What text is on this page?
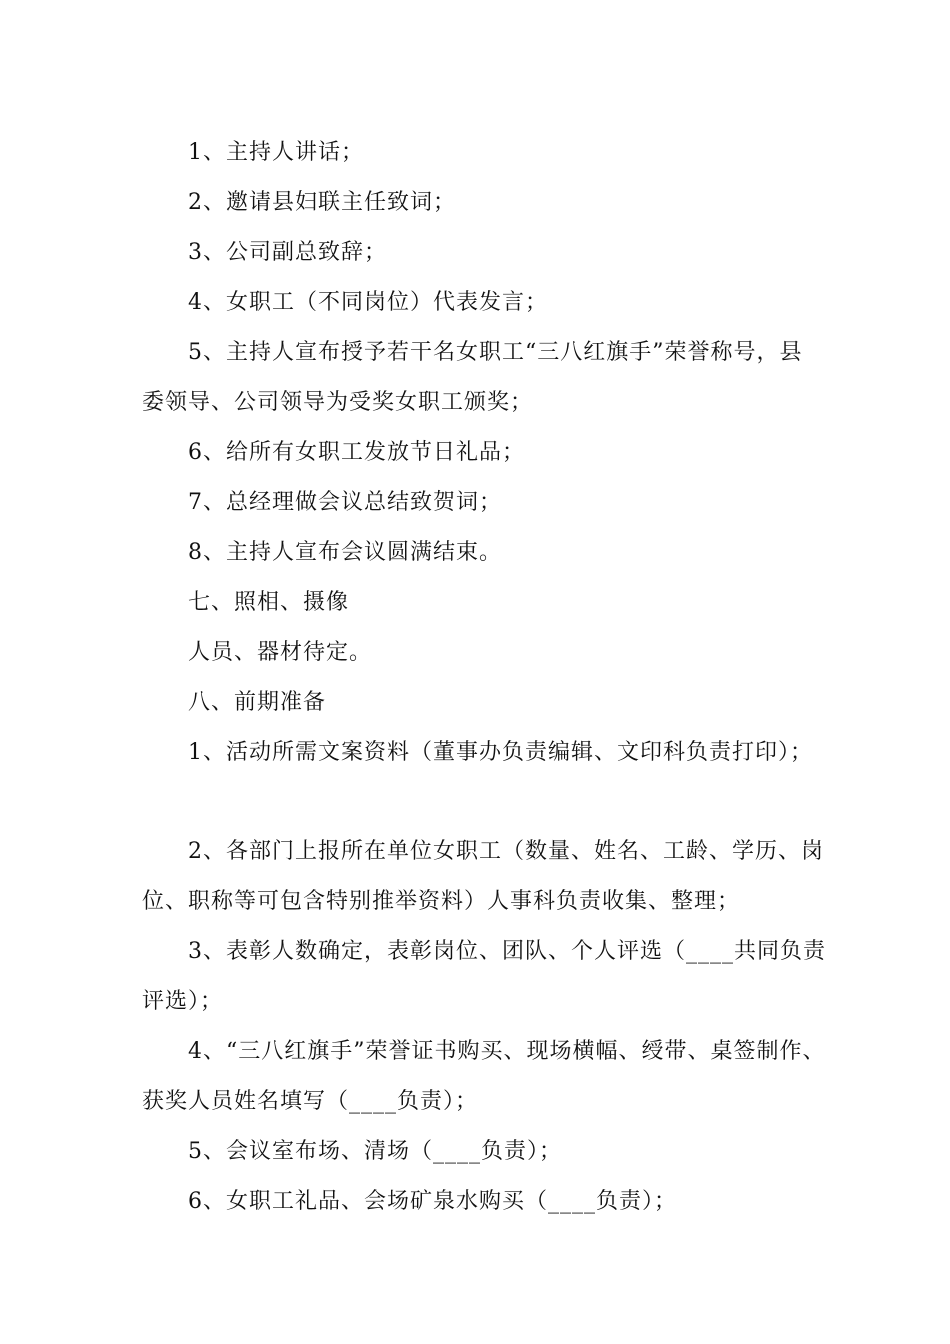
1、主持人讲话；
2、邀请县妇联主任致词；
3、公司副总致辞；
4、女职工（不同岗位）代表发言；
5、主持人宣布授予若干名女职工“三八红旗手”荣誉称号，县
委领导、公司领导为受奖女职工颁奖；
6、给所有女职工发放节日礼品；
7、总经理做会议总结致贺词；
8、主持人宣布会议圆满结束。
七、照相、摄像
人员、器材待定。
八、前期准备
1、活动所需文案资料（董事办负责编辑、文印科负责打印）；
2、各部门上报所在单位女职工（数量、姓名、工龄、学历、岗
位、职称等可包含特别推举资料）人事科负责收集、整理；
3、表彰人数确定，表彰岗位、团队、个人评选（____共同负责
评选）；
4、“三八红旗手”荣誉证书购买、现场横幅、绶带、桌签制作、
获奖人员姓名填写（____负责）；
5、会议室布场、清场（____负责）；
6、女职工礼品、会场矿泉水购买（____负责）；
